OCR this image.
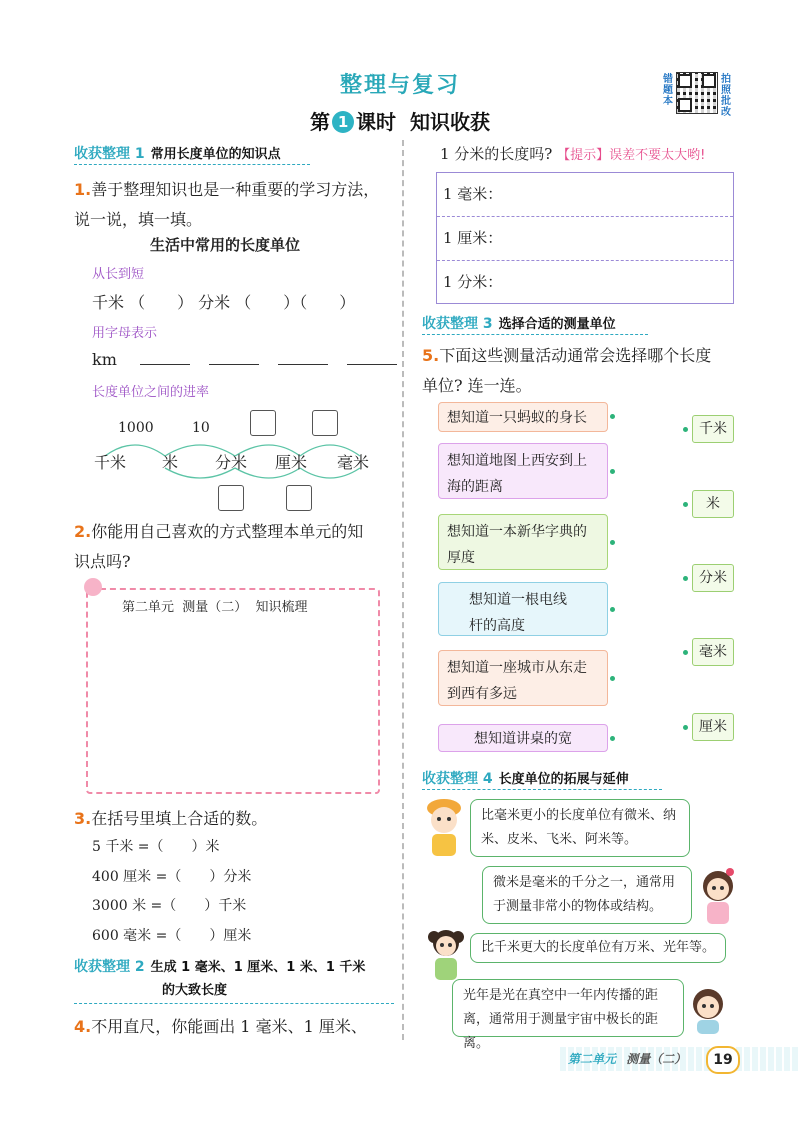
整理与复习
第 1 课时 知识收获
错
题
本
拍
照
批
改
收获整理 1 常用长度单位的知识点
1.善于整理知识也是一种重要的学习方法，
说一说，填一填。
生活中常用的长度单位
从长到短
千米 （　　） 分米 （　　）（　　）
用字母表示
km
长度单位之间的进率
1000	10
千米 米 分米 厘米 毫米
2.你能用自己喜欢的方式整理本单元的知
识点吗?
第二单元  测量（二）  知识梳理
3.在括号里填上合适的数。
5 千米 =（　　）米
400 厘米 =（　　）分米
3000 米 =（　　）千米
600 毫米 =（　　）厘米
收获整理 2 生成 1 毫米、1 厘米、1 米、1 千米
的大致长度
4.不用直尺，你能画出 1 毫米、1 厘米、
1 分米的长度吗? 【提示】误差不要太大哟!
1 毫米：
1 厘米：
1 分米：
收获整理 3 选择合适的测量单位
5.下面这些测量活动通常会选择哪个长度
单位? 连一连。
想知道一只蚂蚁的身长
想知道地图上西安到上海的距离
想知道一本新华字典的厚度
想知道一根电线杆的高度
想知道一座城市从东走到西有多远
想知道讲桌的宽
千米
米
分米
毫米
厘米
收获整理 4 长度单位的拓展与延伸
比毫米更小的长度单位有微米、纳米、皮米、飞米、阿米等。
微米是毫米的千分之一，通常用于测量非常小的物体或结构。
比千米更大的长度单位有万米、光年等。
光年是光在真空中一年内传播的距离，通常用于测量宇宙中极长的距离。
第二单元 测量（二）	19
